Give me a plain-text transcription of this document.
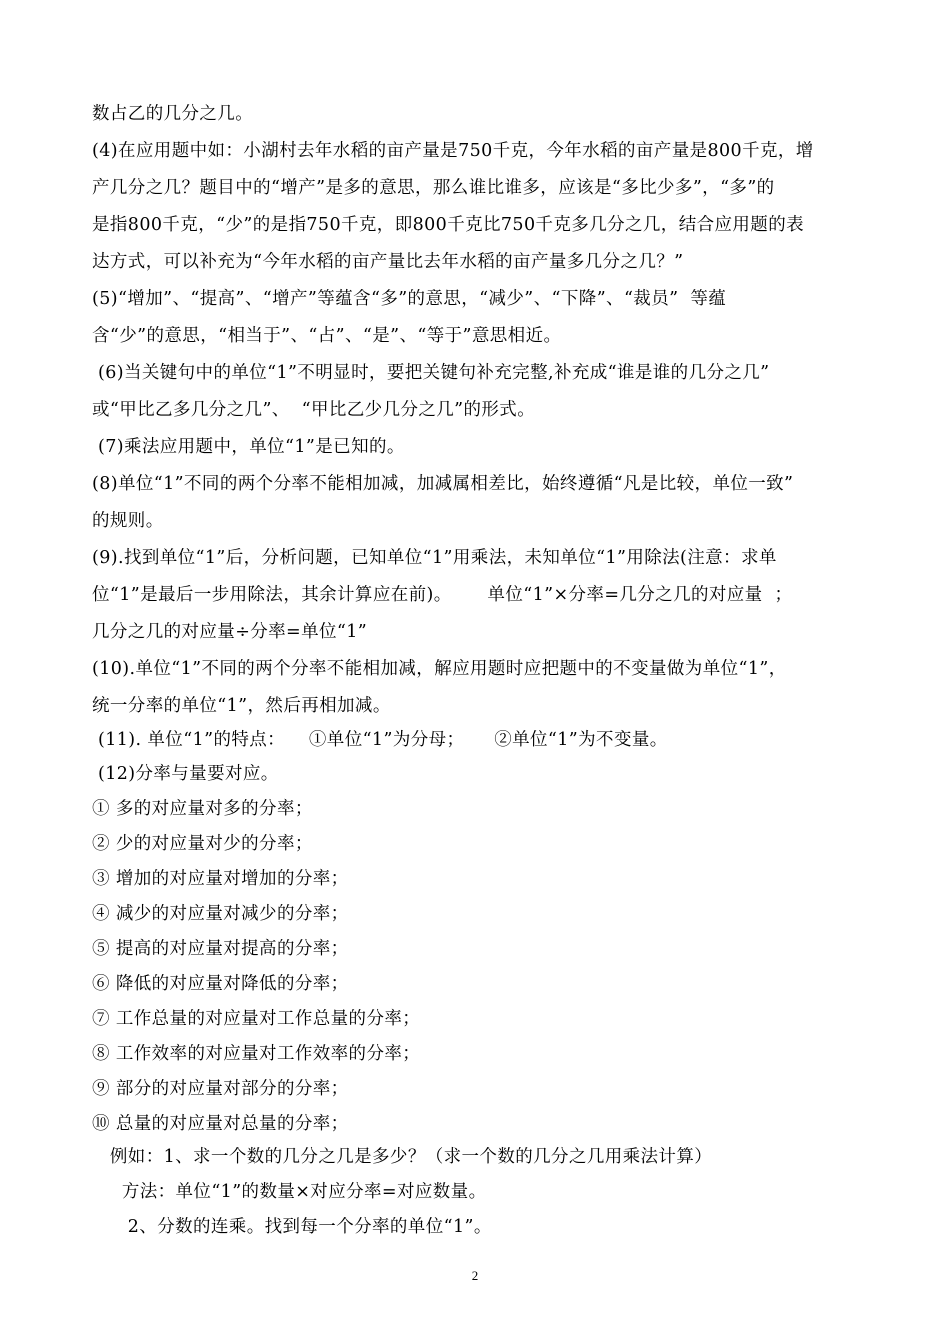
数占乙的几分之几。
(4)在应用题中如：小湖村去年水稻的亩产量是750千克，今年水稻的亩产量是800千克，增
产几分之几？题目中的“增产”是多的意思，那么谁比谁多，应该是“多比少多”，“多”的
是指800千克，“少”的是指750千克，即800千克比750千克多几分之几，结合应用题的表
达方式，可以补充为“今年水稻的亩产量比去年水稻的亩产量多几分之几？”
(5)“增加”、“提高”、“增产”等蕴含“多”的意思，“减少”、“下降”、“裁员”  等蕴
含“少”的意思，“相当于”、“占”、“是”、“等于”意思相近。
(6)当关键句中的单位“1”不明显时，要把关键句补充完整,补充成“谁是谁的几分之几”
或“甲比乙多几分之几”、  “甲比乙少几分之几”的形式。
(7)乘法应用题中，单位“1”是已知的。
(8)单位“1”不同的两个分率不能相加减，加减属相差比，始终遵循“凡是比较，单位一致”
的规则。
(9).找到单位“1”后，分析问题，已知单位“1”用乘法，未知单位“1”用除法(注意：求单
位“1”是最后一步用除法，其余计算应在前)。      单位“1”×分率=几分之几的对应量  ；
几分之几的对应量÷分率=单位“1”
(10).单位“1”不同的两个分率不能相加减，解应用题时应把题中的不变量做为单位“1”，
统一分率的单位“1”，然后再相加减。
(11). 单位“1”的特点：    ①单位“1”为分母；     ②单位“1”为不变量。
(12)分率与量要对应。
① 多的对应量对多的分率；
② 少的对应量对少的分率；
③ 增加的对应量对增加的分率；
④ 减少的对应量对减少的分率；
⑤ 提高的对应量对提高的分率；
⑥ 降低的对应量对降低的分率；
⑦ 工作总量的对应量对工作总量的分率；
⑧ 工作效率的对应量对工作效率的分率；
⑨ 部分的对应量对部分的分率；
⑩ 总量的对应量对总量的分率；
例如：1、求一个数的几分之几是多少？（求一个数的几分之几用乘法计算）
方法：单位“1”的数量×对应分率=对应数量。
2、分数的连乘。找到每一个分率的单位“1”。
2
